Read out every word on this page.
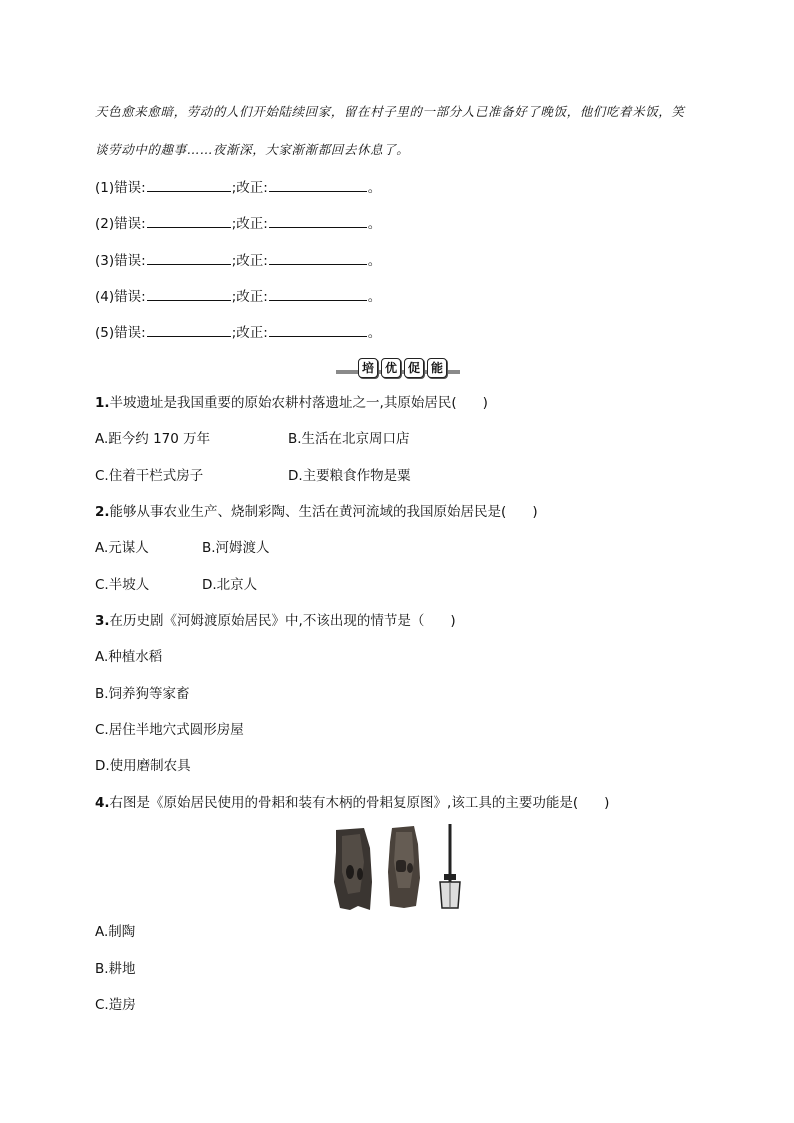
天色愈来愈暗，劳动的人们开始陆续回家，留在村子里的一部分人已准备好了晚饭，他们吃着米饭，笑
谈劳动中的趣事……夜渐深，大家渐渐都回去休息了。
(1)错误:	;改正:	。
(2)错误:	;改正:	。
(3)错误:	;改正:	。
(4)错误:	;改正:	。
(5)错误:	;改正:	。
培 优 促 能
1.半坡遗址是我国重要的原始农耕村落遗址之一,其原始居民( )
A.距今约 170 万年	B.生活在北京周口店
C.住着干栏式房子	D.主要粮食作物是粟
2.能够从事农业生产、烧制彩陶、生活在黄河流域的我国原始居民是( )
A.元谋人	B.河姆渡人
C.半坡人	D.北京人
3.在历史剧《河姆渡原始居民》中,不该出现的情节是（ )
A.种植水稻
B.饲养狗等家畜
C.居住半地穴式圆形房屋
D.使用磨制农具
4.右图是《原始居民使用的骨耜和装有木柄的骨耜复原图》,该工具的主要功能是( )
A.制陶
B.耕地
C.造房
